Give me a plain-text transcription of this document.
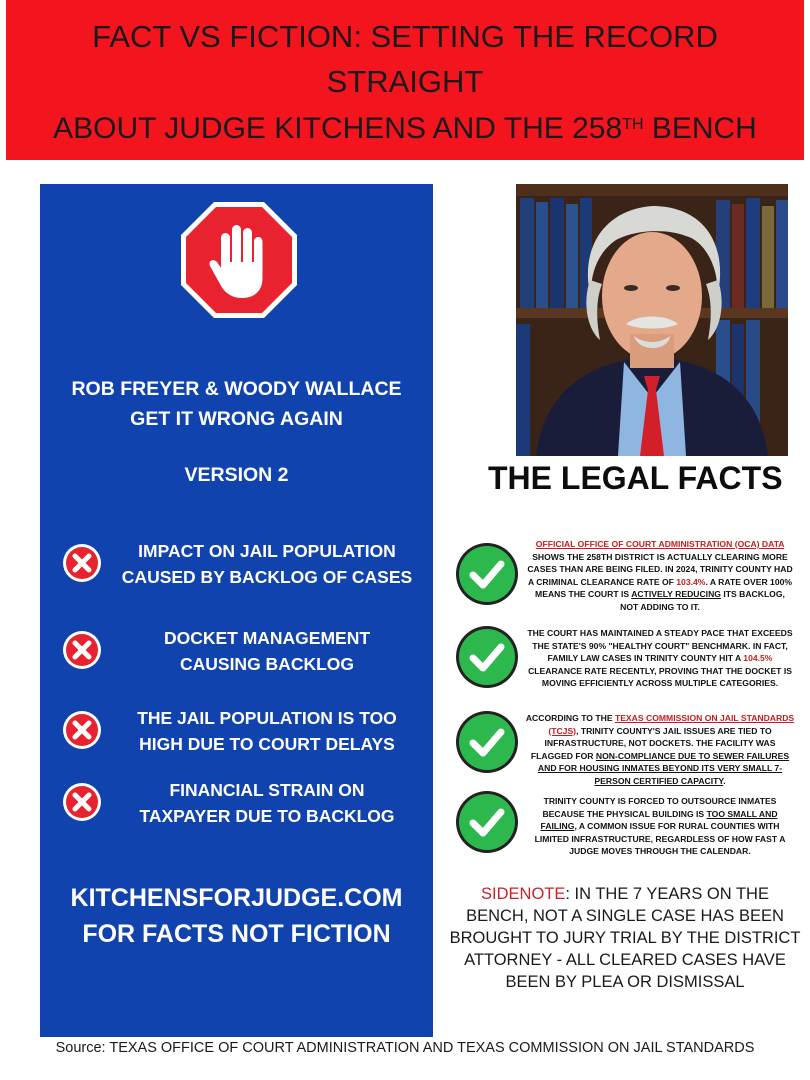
FACT VS FICTION: SETTING THE RECORD
STRAIGHT
ABOUT JUDGE KITCHENS AND THE 258TH BENCH
ROB FREYER & WOODY WALLACE
GET IT WRONG AGAIN
VERSION 2
IMPACT ON JAIL POPULATION
CAUSED BY BACKLOG OF CASES
DOCKET MANAGEMENT
CAUSING BACKLOG
THE JAIL POPULATION IS TOO
HIGH DUE TO COURT DELAYS
FINANCIAL STRAIN ON
TAXPAYER DUE TO BACKLOG
KITCHENSFORJUDGE.COM
FOR FACTS NOT FICTION
THE LEGAL FACTS
OFFICIAL OFFICE OF COURT ADMINISTRATION (OCA) DATA SHOWS THE 258TH DISTRICT IS ACTUALLY CLEARING MORE CASES THAN ARE BEING FILED. IN 2024, TRINITY COUNTY HAD A CRIMINAL CLEARANCE RATE OF 103.4%. A RATE OVER 100% MEANS THE COURT IS ACTIVELY REDUCING ITS BACKLOG, NOT ADDING TO IT.
THE COURT HAS MAINTAINED A STEADY PACE THAT EXCEEDS THE STATE'S 90% "HEALTHY COURT" BENCHMARK. IN FACT, FAMILY LAW CASES IN TRINITY COUNTY HIT A 104.5% CLEARANCE RATE RECENTLY, PROVING THAT THE DOCKET IS MOVING EFFICIENTLY ACROSS MULTIPLE CATEGORIES.
ACCORDING TO THE TEXAS COMMISSION ON JAIL STANDARDS (TCJS), TRINITY COUNTY'S JAIL ISSUES ARE TIED TO INFRASTRUCTURE, NOT DOCKETS. THE FACILITY WAS FLAGGED FOR NON-COMPLIANCE DUE TO SEWER FAILURES AND FOR HOUSING INMATES BEYOND ITS VERY SMALL 7-PERSON CERTIFIED CAPACITY.
TRINITY COUNTY IS FORCED TO OUTSOURCE INMATES BECAUSE THE PHYSICAL BUILDING IS TOO SMALL AND FAILING, A COMMON ISSUE FOR RURAL COUNTIES WITH LIMITED INFRASTRUCTURE, REGARDLESS OF HOW FAST A JUDGE MOVES THROUGH THE CALENDAR.
SIDENOTE: IN THE 7 YEARS ON THE BENCH, NOT A SINGLE CASE HAS BEEN BROUGHT TO JURY TRIAL BY THE DISTRICT ATTORNEY - ALL CLEARED CASES HAVE BEEN BY PLEA OR DISMISSAL
Source: TEXAS OFFICE OF COURT ADMINISTRATION AND TEXAS COMMISSION ON JAIL STANDARDS
